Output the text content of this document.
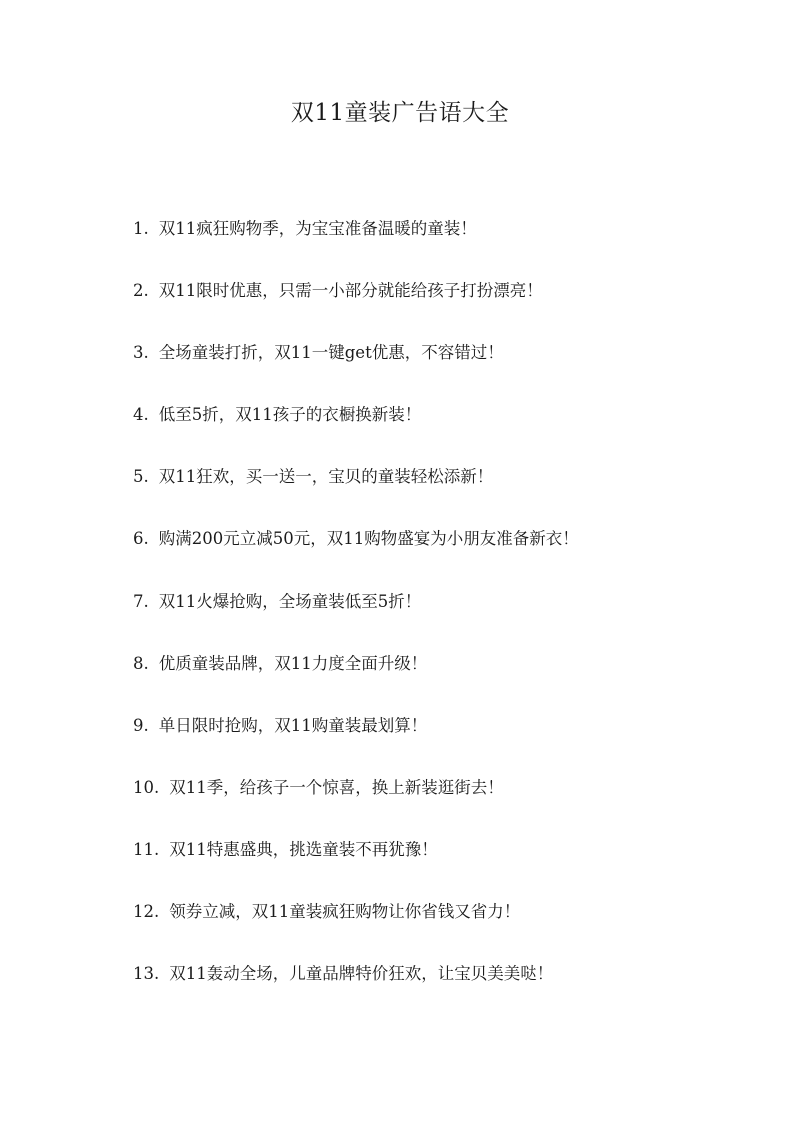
双11童装广告语大全
1. 双11疯狂购物季，为宝宝准备温暖的童装！
2. 双11限时优惠，只需一小部分就能给孩子打扮漂亮！
3. 全场童装打折，双11一键get优惠，不容错过！
4. 低至5折，双11孩子的衣橱换新装！
5. 双11狂欢，买一送一，宝贝的童装轻松添新！
6. 购满200元立减50元，双11购物盛宴为小朋友准备新衣！
7. 双11火爆抢购，全场童装低至5折！
8. 优质童装品牌，双11力度全面升级！
9. 单日限时抢购，双11购童装最划算！
10. 双11季，给孩子一个惊喜，换上新装逛街去！
11. 双11特惠盛典，挑选童装不再犹豫！
12. 领券立减，双11童装疯狂购物让你省钱又省力！
13. 双11轰动全场，儿童品牌特价狂欢，让宝贝美美哒！
